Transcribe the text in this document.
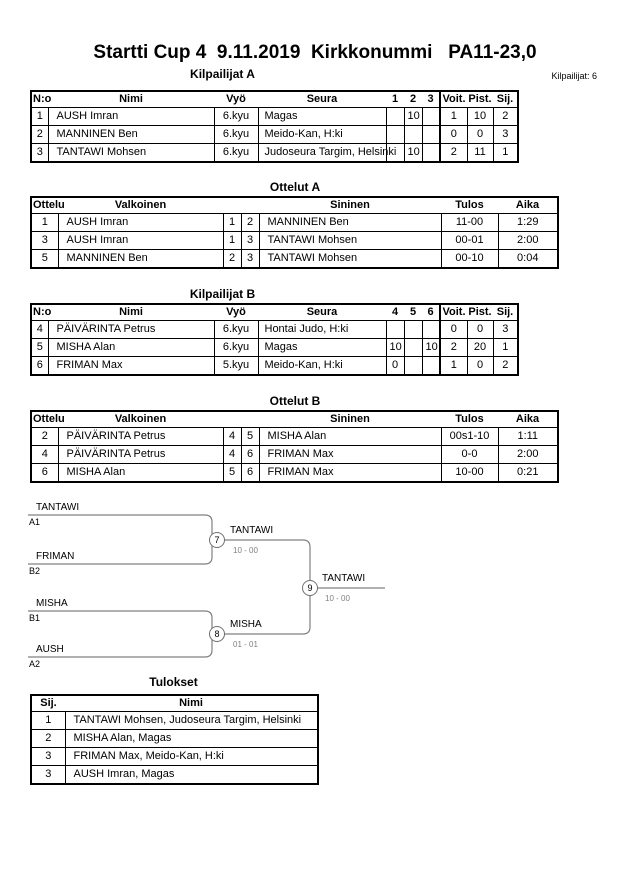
Startti Cup 4  9.11.2019  Kirkkonummi   PA11-23,0
Kilpailijat: 6
Kilpailijat A
N:o	Nimi	Vyö	Seura	1	2	3	Voit.	Pist.	Sij.
1	AUSH Imran	6.kyu	Magas		10		1	10	2
2	MANNINEN Ben	6.kyu	Meido-Kan, H:ki				0	0	3
3	TANTAWI Mohsen	6.kyu	Judoseura Targim, Helsinki		10		2	11	1
Ottelut A
Ottelu	Valkoinen			Sininen	Tulos	Aika
1	AUSH Imran	1	2	MANNINEN Ben	11-00	1:29
3	AUSH Imran	1	3	TANTAWI Mohsen	00-01	2:00
5	MANNINEN Ben	2	3	TANTAWI Mohsen	00-10	0:04
Kilpailijat B
N:o	Nimi	Vyö	Seura	4	5	6	Voit.	Pist.	Sij.
4	PÄIVÄRINTA Petrus	6.kyu	Hontai Judo, H:ki				0	0	3
5	MISHA Alan	6.kyu	Magas	10		10	2	20	1
6	FRIMAN Max	5.kyu	Meido-Kan, H:ki	0			1	0	2
Ottelut B
Ottelu	Valkoinen			Sininen	Tulos	Aika
2	PÄIVÄRINTA Petrus	4	5	MISHA Alan	00s1-10	1:11
4	PÄIVÄRINTA Petrus	4	6	FRIMAN Max	0-0	2:00
6	MISHA Alan	5	6	FRIMAN Max	10-00	0:21
TANTAWI
A1
FRIMAN
B2
MISHA
B1
AUSH
A2
7
TANTAWI
10 - 00
8
MISHA
01 - 01
9
TANTAWI
10 - 00
Tulokset
Sij.	Nimi
1	TANTAWI Mohsen, Judoseura Targim, Helsinki
2	MISHA Alan, Magas
3	FRIMAN Max, Meido-Kan, H:ki
3	AUSH Imran, Magas
